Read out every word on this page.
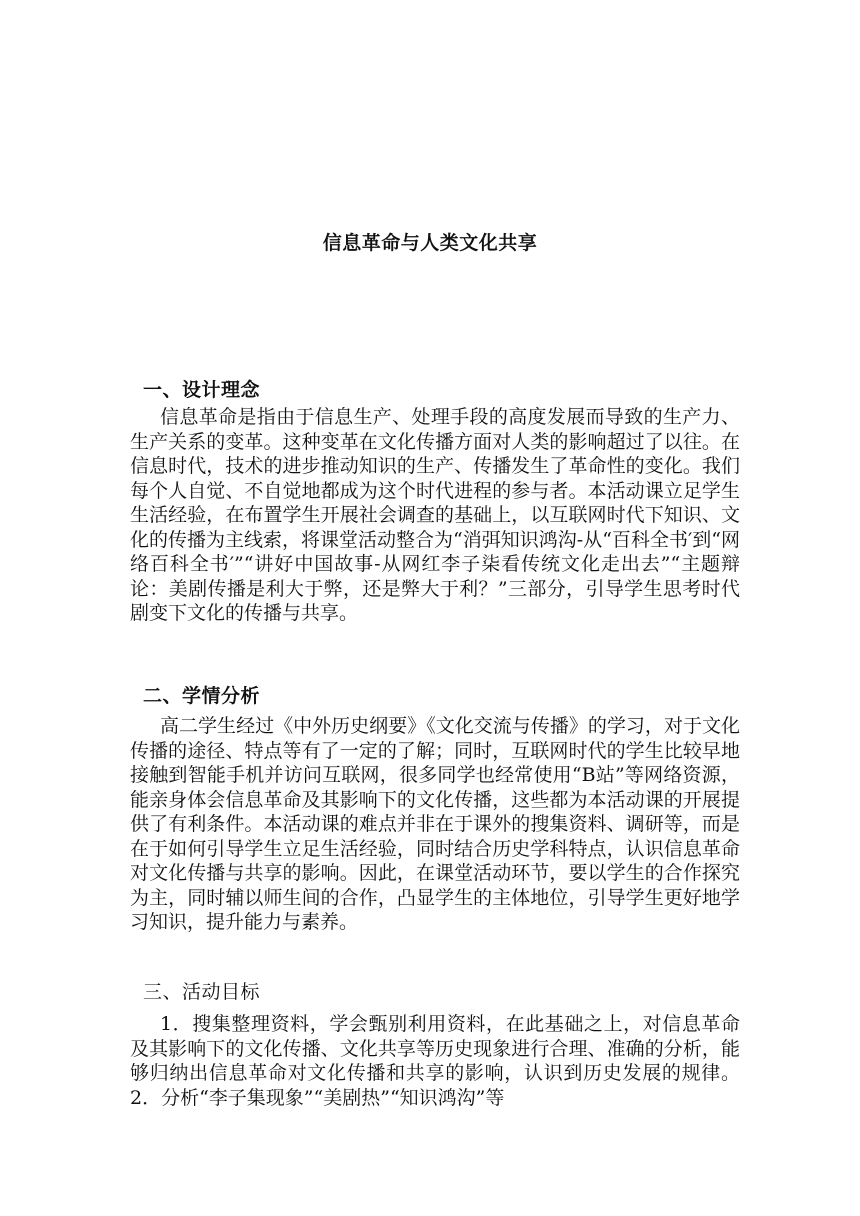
信息革命与人类文化共享
一、设计理念

信息革命是指由于信息生产、处理手段的高度发展而导致的生产力、生产关系的变革。这种变革在文化传播方面对人类的影响超过了以往。在信息时代，技术的进步推动知识的生产、传播发生了革命性的变化。我们每个人自觉、不自觉地都成为这个时代进程的参与者。本活动课立足学生生活经验，在布置学生开展社会调查的基础上，以互联网时代下知识、文化的传播为主线索，将课堂活动整合为“消弭知识鸿沟-从“百科全书′到“网络百科全书′”“讲好中国故事-从网红李子柒看传统文化走出去”“主题辩论：美剧传播是利大于弊，还是弊大于利？”三部分，引导学生思考时代剧变下文化的传播与共享。

二、学情分析

高二学生经过《中外历史纲要》《文化交流与传播》的学习，对于文化传播的途径、特点等有了一定的了解；同时，互联网时代的学生比较早地接触到智能手机并访问互联网，很多同学也经常使用“B站”等网络资源，能亲身体会信息革命及其影响下的文化传播，这些都为本活动课的开展提供了有利条件。本活动课的难点并非在于课外的搜集资料、调研等，而是在于如何引导学生立足生活经验，同时结合历史学科特点，认识信息革命对文化传播与共享的影响。因此，在课堂活动环节，要以学生的合作探究为主，同时辅以师生间的合作，凸显学生的主体地位，引导学生更好地学习知识，提升能力与素养。

三、活动目标

1．搜集整理资料，学会甄别利用资料，在此基础之上，对信息革命及其影响下的文化传播、文化共享等历史现象进行合理、准确的分析，能够归纳出信息革命对文化传播和共享的影响，认识到历史发展的规律。2．分析“李子集现象”“美剧热”“知识鸿沟”等
